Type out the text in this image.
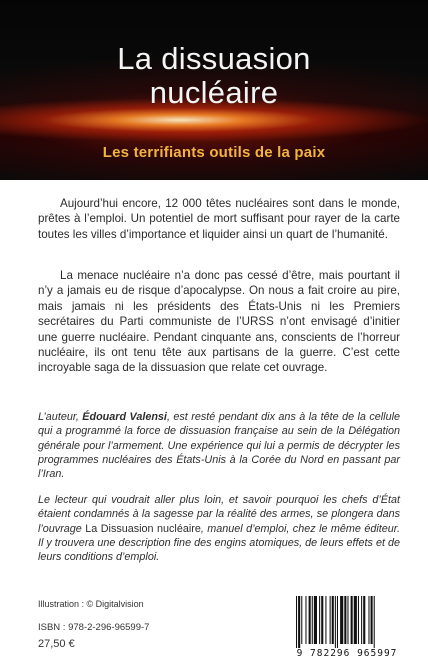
La dissuasion
nucléaire
Les terrifiants outils de la paix

Aujourd’hui encore, 12 000 têtes nucléaires sont dans le monde, prêtes à l’emploi. Un potentiel de mort suffisant pour rayer de la carte toutes les villes d’importance et liquider ainsi un quart de l’humanité.

La menace nucléaire n’a donc pas cessé d’être, mais pourtant il n’y a jamais eu de risque d’apocalypse. On nous a fait croire au pire, mais jamais ni les présidents des États-Unis ni les Premiers secrétaires du Parti communiste de l’URSS n’ont envisagé d’initier une guerre nucléaire. Pendant cinquante ans, conscients de l’horreur nucléaire, ils ont tenu tête aux partisans de la guerre. C’est cette incroyable saga de la dissuasion que relate cet ouvrage.

L’auteur, Édouard Valensi, est resté pendant dix ans à la tête de la cellule qui a programmé la force de dissuasion française au sein de la Délégation générale pour l’armement. Une expérience qui lui a permis de décrypter les programmes nucléaires des États-Unis à la Corée du Nord en passant par l’Iran.

Le lecteur qui voudrait aller plus loin, et savoir pourquoi les chefs d’État étaient condamnés à la sagesse par la réalité des armes, se plongera dans l’ouvrage La Dissuasion nucléaire, manuel d’emploi, chez le même éditeur. Il y trouvera une description fine des engins atomiques, de leurs effets et de leurs conditions d’emploi.

Illustration : © Digitalvision
ISBN : 978-2-296-96599-7
27,50 €
9 782296 965997
